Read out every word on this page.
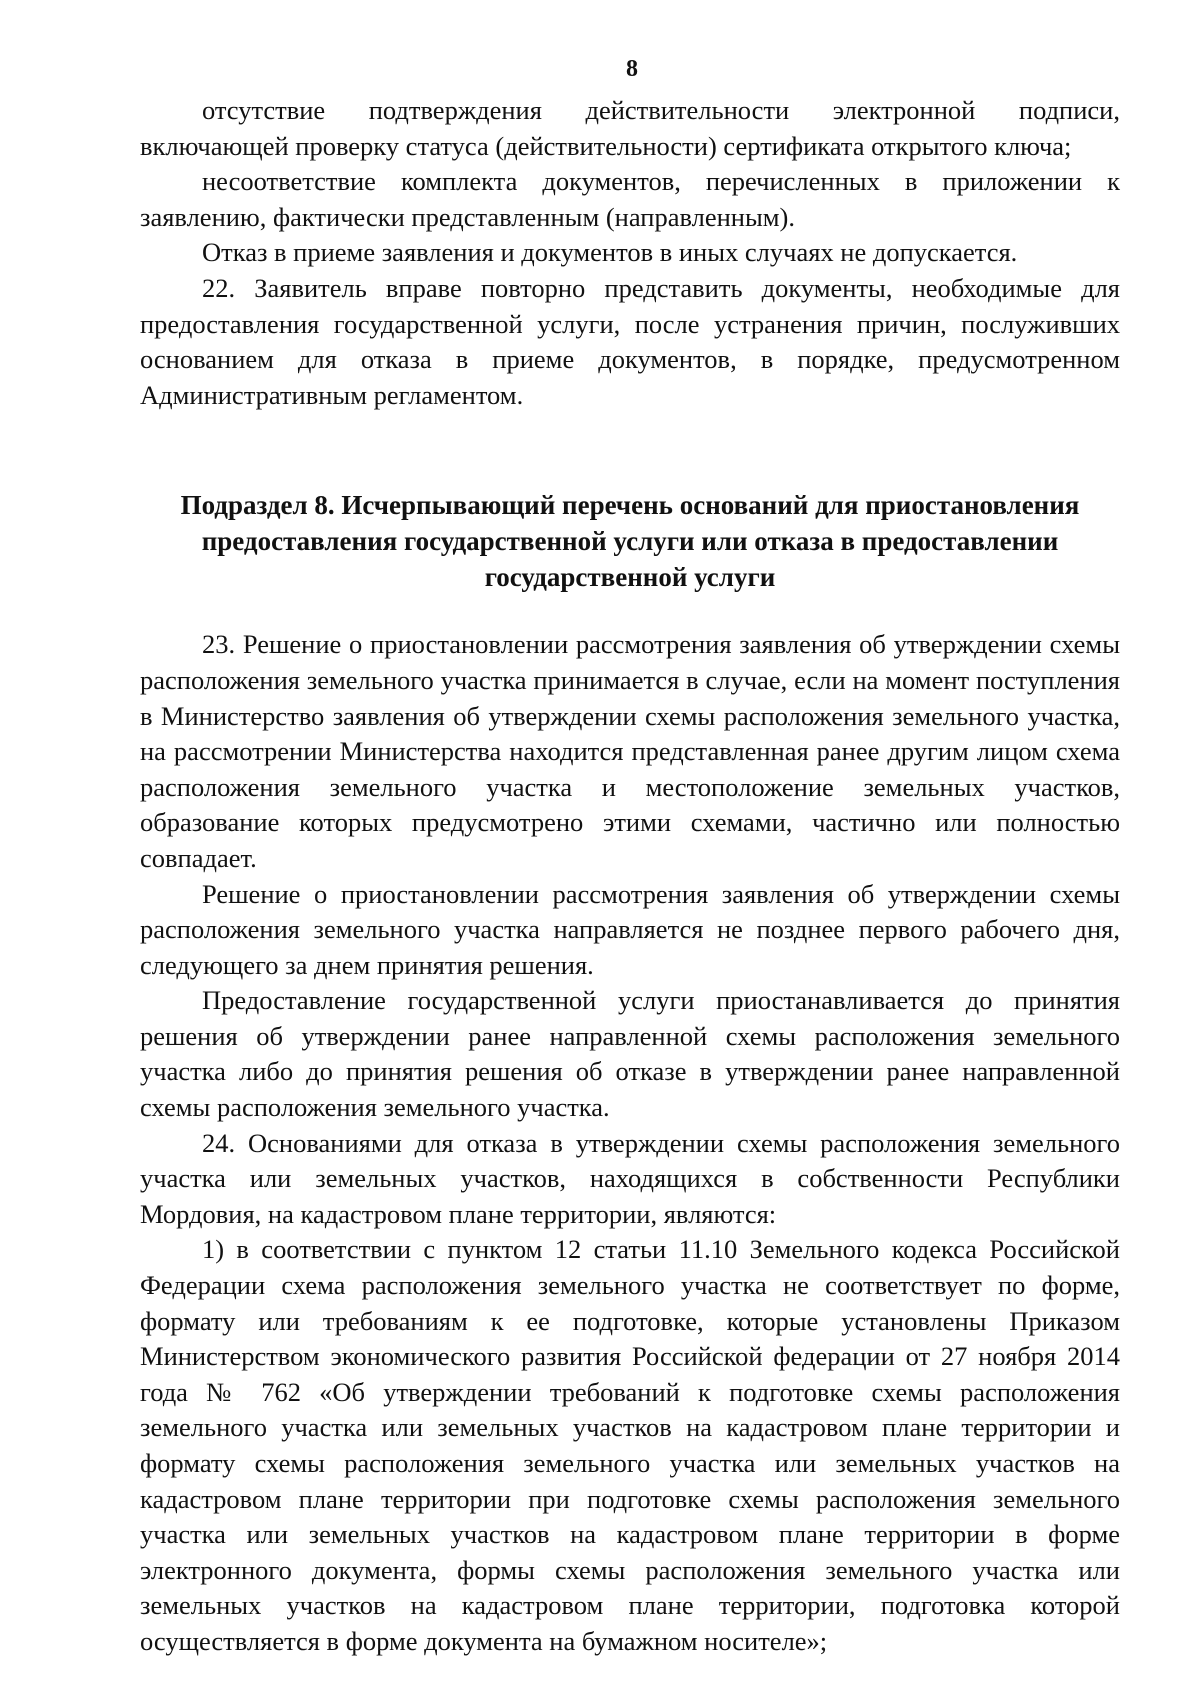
8

отсутствие подтверждения действительности электронной подписи, включающей проверку статуса (действительности) сертификата открытого ключа;

несоответствие комплекта документов, перечисленных в приложении к заявлению, фактически представленным (направленным).

Отказ в приеме заявления и документов в иных случаях не допускается.

22. Заявитель вправе повторно представить документы, необходимые для предоставления государственной услуги, после устранения причин, послуживших основанием для отказа в приеме документов, в порядке, предусмотренном Административным регламентом.

Подраздел 8. Исчерпывающий перечень оснований для приостановления предоставления государственной услуги или отказа в предоставлении государственной услуги

23. Решение о приостановлении рассмотрения заявления об утверждении схемы расположения земельного участка принимается в случае, если на момент поступления в Министерство заявления об утверждении схемы расположения земельного участка, на рассмотрении Министерства находится представленная ранее другим лицом схема расположения земельного участка и местоположение земельных участков, образование которых предусмотрено этими схемами, частично или полностью совпадает.

Решение о приостановлении рассмотрения заявления об утверждении схемы расположения земельного участка направляется не позднее первого рабочего дня, следующего за днем принятия решения.

Предоставление государственной услуги приостанавливается до принятия решения об утверждении ранее направленной схемы расположения земельного участка либо до принятия решения об отказе в утверждении ранее направленной схемы расположения земельного участка.

24. Основаниями для отказа в утверждении схемы расположения земельного участка или земельных участков, находящихся в собственности Республики Мордовия, на кадастровом плане территории, являются:

1) в соответствии с пунктом 12 статьи 11.10 Земельного кодекса Российской Федерации схема расположения земельного участка не соответствует по форме, формату или требованиям к ее подготовке, которые установлены Приказом Министерством экономического развития Российской федерации от 27 ноября 2014 года № 762 «Об утверждении требований к подготовке схемы расположения земельного участка или земельных участков на кадастровом плане территории и формату схемы расположения земельного участка или земельных участков на кадастровом плане территории при подготовке схемы расположения земельного участка или земельных участков на кадастровом плане территории в форме электронного документа, формы схемы расположения земельного участка или земельных участков на кадастровом плане территории, подготовка которой осуществляется в форме документа на бумажном носителе»;
